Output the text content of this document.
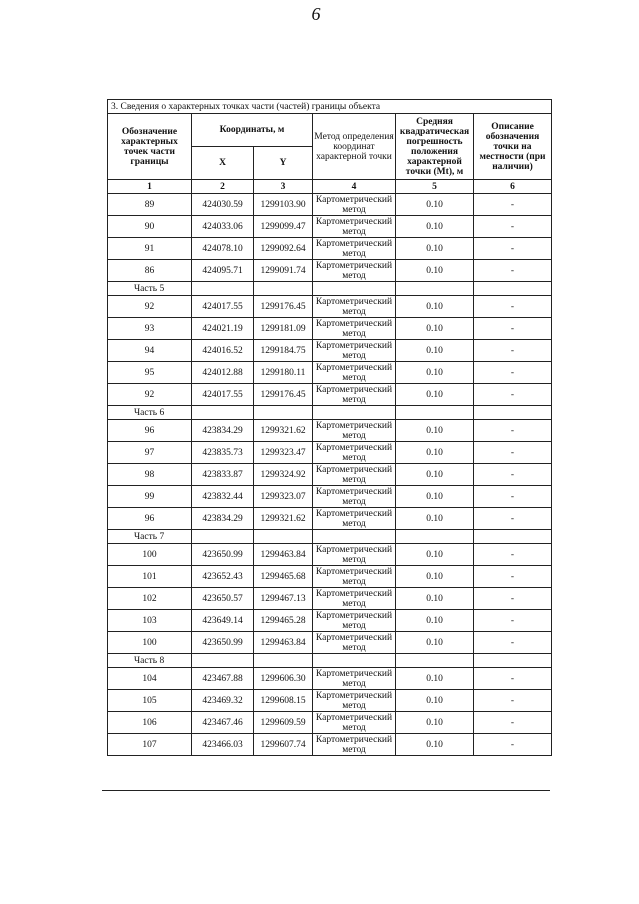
6
3. Сведения о характерных точках части (частей) границы объекта					
Обозначение характерных точек части границы	Координаты, м		Метод определения координат характерной точки	Средняя квадратическая погрешность положения характерной точки (Mt), м	Описание обозначения точки на местности (при наличии)
	X	Y			
1	2	3	4	5	6
89	424030.59	1299103.90	Картометрический метод	0.10	-
90	424033.06	1299099.47	Картометрический метод	0.10	-
91	424078.10	1299092.64	Картометрический метод	0.10	-
86	424095.71	1299091.74	Картометрический метод	0.10	-
Часть 5					
92	424017.55	1299176.45	Картометрический метод	0.10	-
93	424021.19	1299181.09	Картометрический метод	0.10	-
94	424016.52	1299184.75	Картометрический метод	0.10	-
95	424012.88	1299180.11	Картометрический метод	0.10	-
92	424017.55	1299176.45	Картометрический метод	0.10	-
Часть 6					
96	423834.29	1299321.62	Картометрический метод	0.10	-
97	423835.73	1299323.47	Картометрический метод	0.10	-
98	423833.87	1299324.92	Картометрический метод	0.10	-
99	423832.44	1299323.07	Картометрический метод	0.10	-
96	423834.29	1299321.62	Картометрический метод	0.10	-
Часть 7					
100	423650.99	1299463.84	Картометрический метод	0.10	-
101	423652.43	1299465.68	Картометрический метод	0.10	-
102	423650.57	1299467.13	Картометрический метод	0.10	-
103	423649.14	1299465.28	Картометрический метод	0.10	-
100	423650.99	1299463.84	Картометрический метод	0.10	-
Часть 8					
104	423467.88	1299606.30	Картометрический метод	0.10	-
105	423469.32	1299608.15	Картометрический метод	0.10	-
106	423467.46	1299609.59	Картометрический метод	0.10	-
107	423466.03	1299607.74	Картометрический метод	0.10	-
